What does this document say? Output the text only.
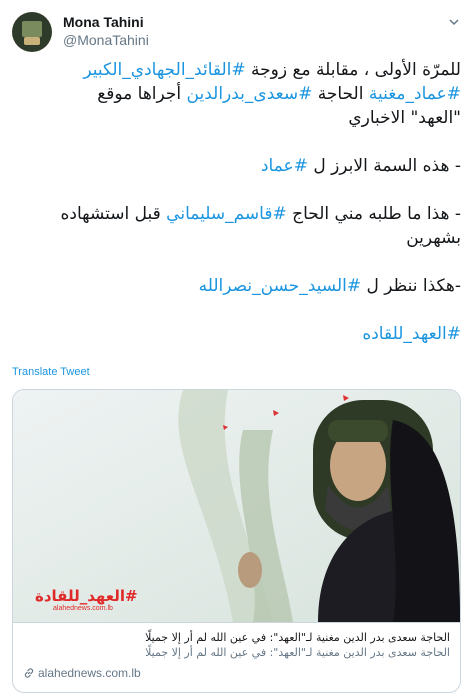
Mona Tahini
@MonaTahini

للمرّة الأولى ، مقابلة مع زوجة #القائد_الجهادي_الكبير

#عماد_مغنية الحاجة #سعدى_بدرالدين أجراها موقع

"العهد" الاخباري

- هذه السمة الابرز ل #عماد

- هذا ما طلبه مني الحاج #قاسم_سليماني قبل استشهاده

بشهرين

-هكذا ننظر ل #السيد_حسن_نصرالله

#العهد_للقاده

Translate Tweet
#العهد_للقادة
alahednews.com.lb
الحاجة سعدى بدر الدين مغنية لـ"العهد": في عين الله لم أر إلا جميلًا
الحاجة سعدى بدر الدين مغنية لـ"العهد": في عين الله لم أر إلا جميلًا
alahednews.com.lb
